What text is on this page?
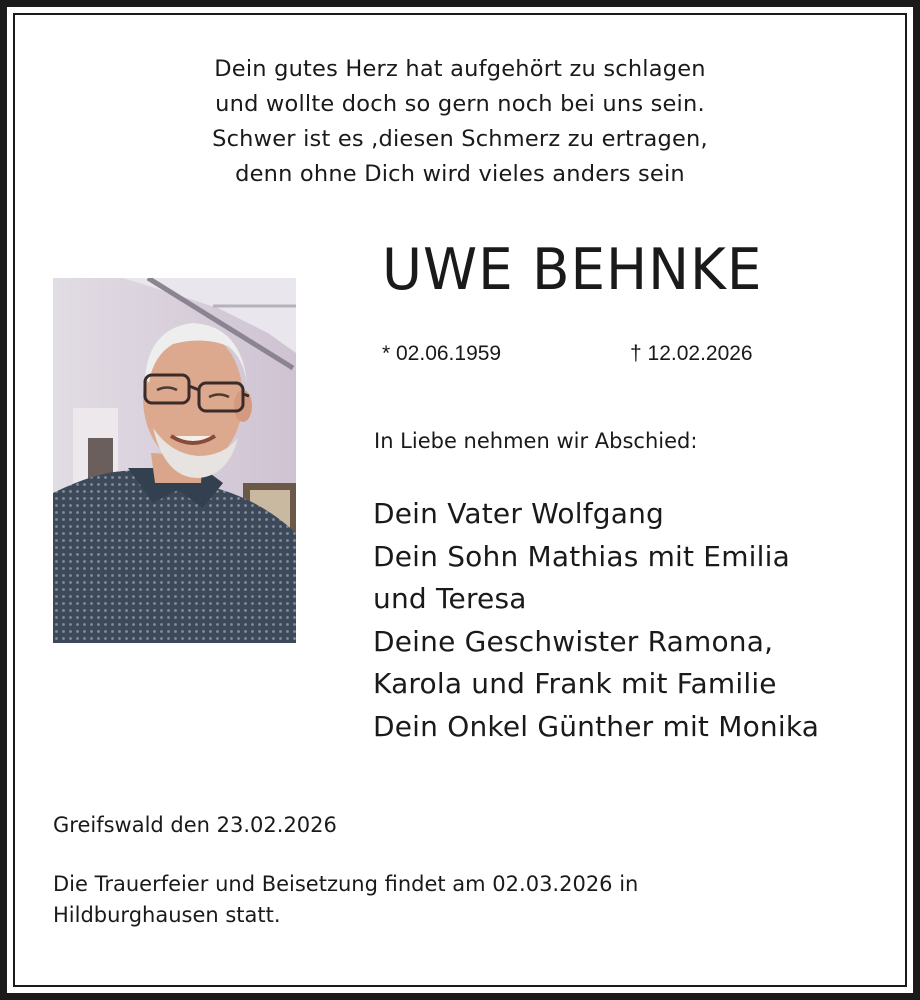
Dein gutes Herz hat aufgehört zu schlagen
und wollte doch so gern noch bei uns sein.
Schwer ist es ,diesen Schmerz zu ertragen,
denn ohne Dich wird vieles anders sein
UWE BEHNKE
* 02.06.1959	† 12.02.2026
In Liebe nehmen wir Abschied:
Dein Vater Wolfgang
Dein Sohn Mathias mit Emilia
und Teresa
Deine Geschwister Ramona,
Karola und Frank mit Familie
Dein Onkel Günther mit Monika
Greifswald den 23.02.2026
Die Trauerfeier und Beisetzung findet am 02.03.2026 in
Hildburghausen statt.
